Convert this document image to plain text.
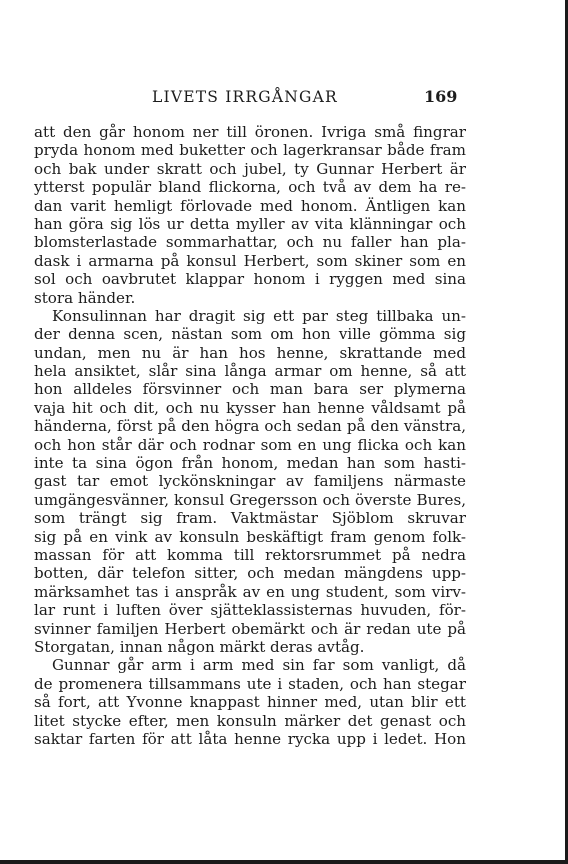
LIVETS IRRGÅNGAR	169
att den går honom ner till öronen. Ivriga små fingrar
pryda honom med buketter och lagerkransar både fram
och bak under skratt och jubel, ty Gunnar Herbert är
ytterst populär bland flickorna, och två av dem ha re-
dan varit hemligt förlovade med honom. Äntligen kan
han göra sig lös ur detta myller av vita klänningar och
blomsterlastade sommarhattar, och nu faller han pla-
dask i armarna på konsul Herbert, som skiner som en
sol och oavbrutet klappar honom i ryggen med sina
stora händer.
Konsulinnan har dragit sig ett par steg tillbaka un-
der denna scen, nästan som om hon ville gömma sig
undan, men nu är han hos henne, skrattande med
hela ansiktet, slår sina långa armar om henne, så att
hon alldeles försvinner och man bara ser plymerna
vaja hit och dit, och nu kysser han henne våldsamt på
händerna, först på den högra och sedan på den vänstra,
och hon står där och rodnar som en ung flicka och kan
inte ta sina ögon från honom, medan han som hasti-
gast tar emot lyckönskningar av familjens närmaste
umgängesvänner, konsul Gregersson och överste Bures,
som trängt sig fram. Vaktmästar Sjöblom skruvar
sig på en vink av konsuln beskäftigt fram genom folk-
massan för att komma till rektorsrummet på nedra
botten, där telefon sitter, och medan mängdens upp-
märksamhet tas i anspråk av en ung student, som virv-
lar runt i luften över sjätteklassisternas huvuden, för-
svinner familjen Herbert obemärkt och är redan ute på
Storgatan, innan någon märkt deras avtåg.
Gunnar går arm i arm med sin far som vanligt, då
de promenera tillsammans ute i staden, och han stegar
så fort, att Yvonne knappast hinner med, utan blir ett
litet stycke efter, men konsuln märker det genast och
saktar farten för att låta henne rycka upp i ledet. Hon
